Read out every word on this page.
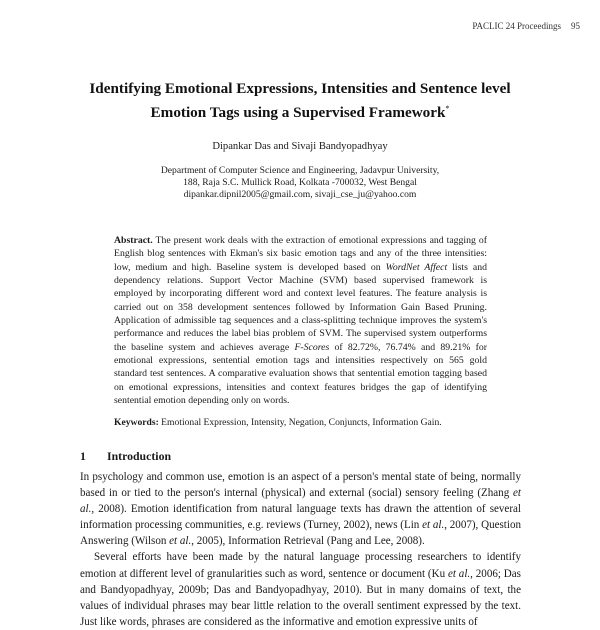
PACLIC 24 Proceedings 95
Identifying Emotional Expressions, Intensities and Sentence level
Emotion Tags using a Supervised Framework*
Dipankar Das and Sivaji Bandyopadhyay
Department of Computer Science and Engineering, Jadavpur University,
188, Raja S.C. Mullick Road, Kolkata -700032, West Bengal
dipankar.dipnil2005@gmail.com, sivaji_cse_ju@yahoo.com
Abstract. The present work deals with the extraction of emotional expressions and tagging of English blog sentences with Ekman's six basic emotion tags and any of the three intensities: low, medium and high. Baseline system is developed based on WordNet Affect lists and dependency relations. Support Vector Machine (SVM) based supervised framework is employed by incorporating different word and context level features. The feature analysis is carried out on 358 development sentences followed by Information Gain Based Pruning. Application of admissible tag sequences and a class-splitting technique improves the system's performance and reduces the label bias problem of SVM. The supervised system outperforms the baseline system and achieves average F-Scores of 82.72%, 76.74% and 89.21% for emotional expressions, sentential emotion tags and intensities respectively on 565 gold standard test sentences. A comparative evaluation shows that sentential emotion tagging based on emotional expressions, intensities and context features bridges the gap of identifying sentential emotion depending only on words.
Keywords: Emotional Expression, Intensity, Negation, Conjuncts, Information Gain.
1 Introduction

In psychology and common use, emotion is an aspect of a person's mental state of being, normally based in or tied to the person's internal (physical) and external (social) sensory feeling (Zhang et al., 2008). Emotion identification from natural language texts has drawn the attention of several information processing communities, e.g. reviews (Turney, 2002), news (Lin et al., 2007), Question Answering (Wilson et al., 2005), Information Retrieval (Pang and Lee, 2008).

Several efforts have been made by the natural language processing researchers to identify emotion at different level of granularities such as word, sentence or document (Ku et al., 2006; Das and Bandyopadhyay, 2009b; Das and Bandyopadhyay, 2010). But in many domains of text, the values of individual phrases may bear little relation to the overall sentiment expressed by the text. Just like words, phrases are considered as the informative and emotion expressive units of
